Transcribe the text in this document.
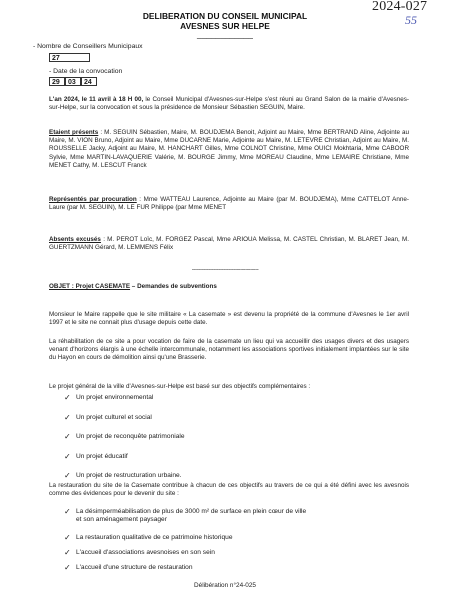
2024-027
55
DELIBERATION DU CONSEIL MUNICIPAL
AVESNES SUR HELPE
____________
- Nombre de Conseillers Municipaux
27
- Date de la convocation
29	03	24
L'an 2024, le 11 avril à 18 H 00, le Conseil Municipal d'Avesnes-sur-Helpe s'est réuni au Grand Salon de la mairie d'Avesnes-sur-Helpe, sur la convocation et sous la présidence de Monsieur Sébastien SEGUIN, Maire.
Etaient présents : M. SEGUIN Sébastien, Maire, M. BOUDJEMA Benoit, Adjoint au Maire, Mme BERTRAND Aline, Adjointe au Maire, M. VION Bruno, Adjoint au Maire, Mme DUCARNE Marie, Adjointe au Maire, M. LETEVRE Christian, Adjoint au Maire, M. ROUSSELLE Jacky, Adjoint au Maire, M. HANCHART Gilles, Mme COLNOT Christine, Mme OUICI Mokhtaria, Mme CABOOR Sylvie, Mme MARTIN-LAVAQUERIE Valérie, M. BOURGE Jimmy, Mme MOREAU Claudine, Mme LEMAIRE Christiane, Mme MENET Cathy, M. LESCUT Franck
Représentés par procuration : Mme WATTEAU Laurence, Adjointe au Maire (par M. BOUDJEMA), Mme CATTELOT Anne-Laure (par M. SEGUIN), M. LE FUR Philippe (par Mme MENET
Absents excusés : M. PEROT Loïc, M. FORGEZ Pascal, Mme ARIOUA Melissa, M. CASTEL Christian, M. BLARET Jean, M. GUERTZMANN Gérard, M. LEMMENS Félix
----------------------------------------
OBJET : Projet CASEMATE – Demandes de subventions
Monsieur le Maire rappelle que le site militaire « La casemate » est devenu la propriété de la commune d'Avesnes le 1er avril 1997 et le site ne connait plus d'usage depuis cette date.
La réhabilitation de ce site a pour vocation de faire de la casemate un lieu qui va accueillir des usages divers et des usagers venant d'horizons élargis à une échelle intercommunale, notamment les associations sportives initialement implantées sur le site du Hayon en cours de démolition ainsi qu'une Brasserie.
Le projet général de la ville d'Avesnes-sur-Helpe est basé sur des objectifs complémentaires :
✓ Un projet environnemental
✓ Un projet culturel et social
✓ Un projet de reconquête patrimoniale
✓ Un projet éducatif
✓ Un projet de restructuration urbaine.
La restauration du site de la Casemate contribue à chacun de ces objectifs au travers de ce qui a été défini avec les avesnois comme des évidences pour le devenir du site :
✓ La désimperméabilisation de plus de 3000 m² de surface en plein cœur de ville et son aménagement paysager
✓ La restauration qualitative de ce patrimoine historique
✓ L'accueil d'associations avesnoises en son sein
✓ L'accueil d'une structure de restauration
Délibération n°24-025
